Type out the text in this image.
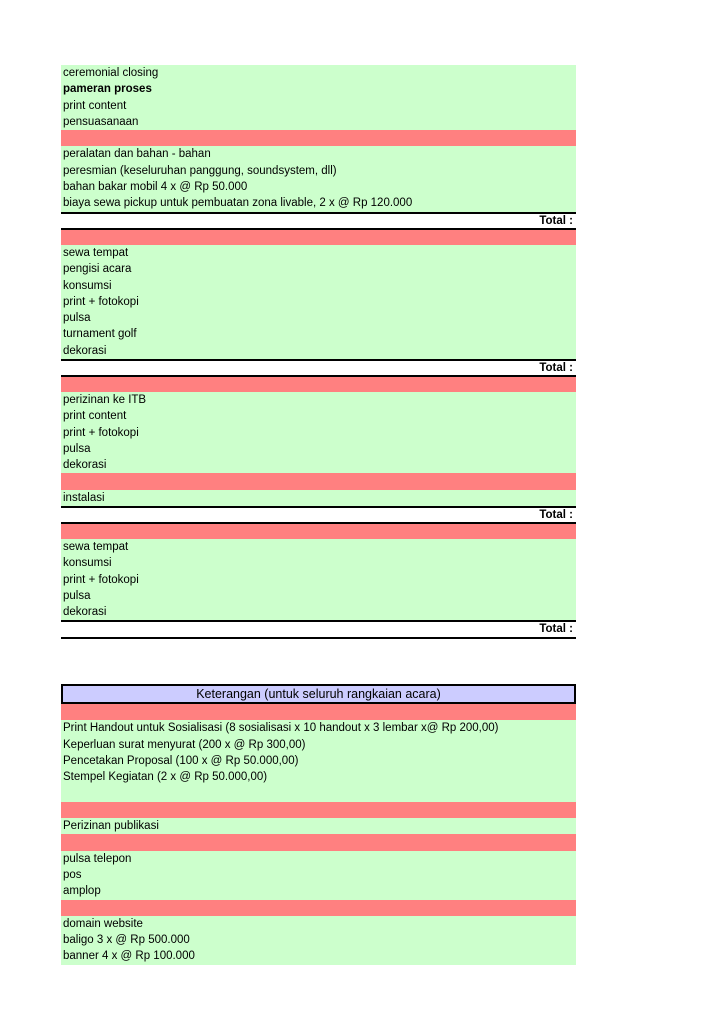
ceremonial closing
pameran proses
print content
pensuasanaan
peralatan dan bahan - bahan
peresmian (keseluruhan panggung, soundsystem, dll)
bahan bakar mobil 4 x @ Rp 50.000
biaya sewa pickup untuk pembuatan zona livable, 2 x @ Rp 120.000
Total :
sewa tempat
pengisi acara
konsumsi
print + fotokopi
pulsa
turnament golf
dekorasi
Total :
perizinan ke ITB
print content
print + fotokopi
pulsa
dekorasi
instalasi
Total :
sewa tempat
konsumsi
print + fotokopi
pulsa
dekorasi
Total :
Keterangan (untuk seluruh rangkaian acara)
Print Handout untuk Sosialisasi (8 sosialisasi x 10 handout x 3 lembar x@ Rp 200,00)
Keperluan surat menyurat (200 x @ Rp 300,00)
Pencetakan Proposal (100 x @ Rp 50.000,00)
Stempel Kegiatan (2 x @ Rp 50.000,00)
Perizinan publikasi
pulsa telepon
pos
amplop
domain website
baligo 3 x @ Rp 500.000
banner 4 x @ Rp 100.000
